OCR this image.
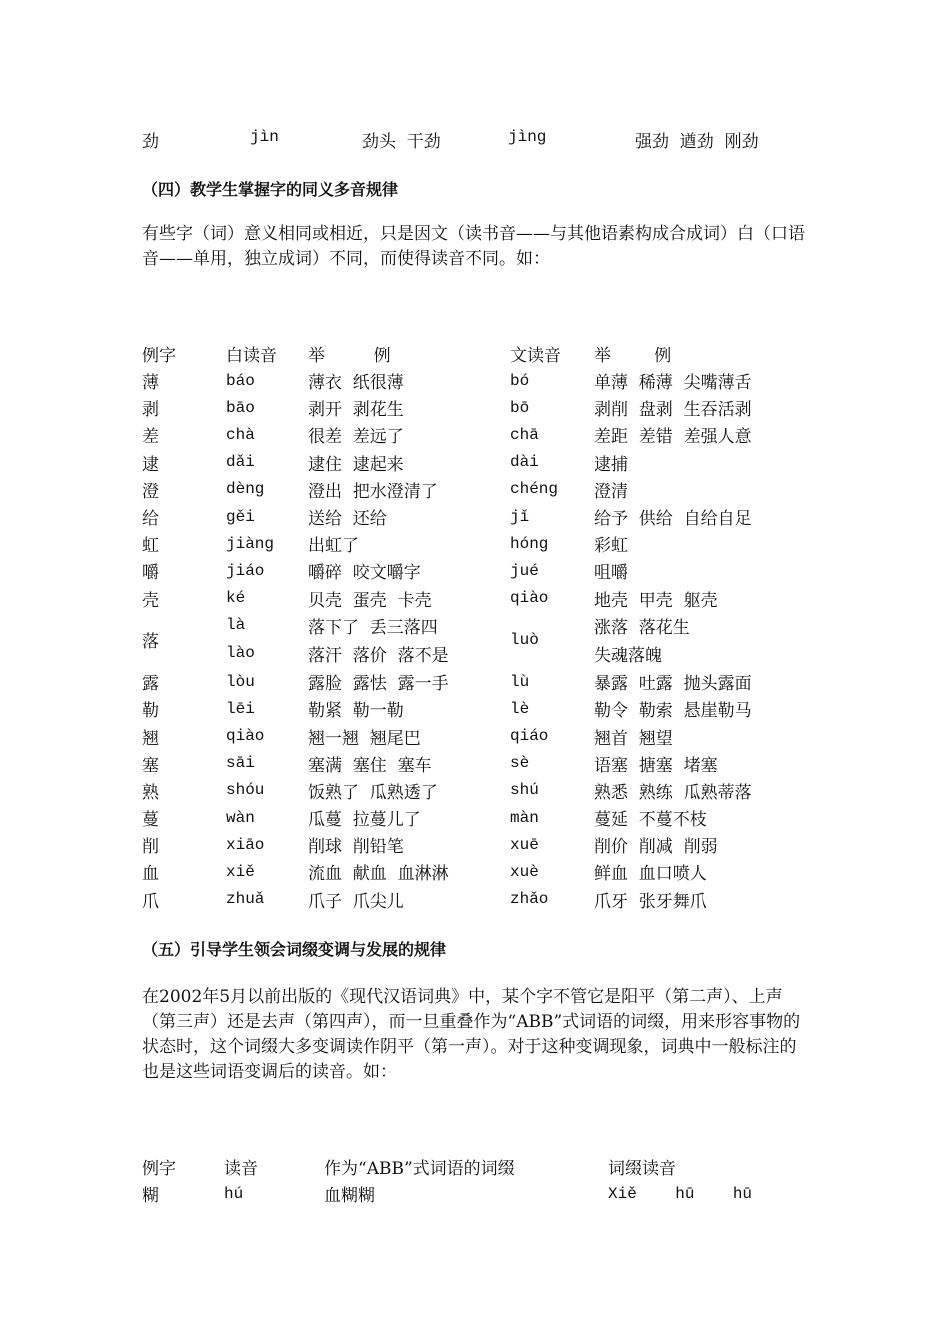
劲	jìn	劲头  干劲	jìng	强劲  遒劲  刚劲
（四）教学生掌握字的同义多音规律
有些字（词）意义相同或相近，只是因文（读书音——与其他语素构成合成词）白（口语音——单用，独立成词）不同，而使得读音不同。如：
例字	白读音	举         例	文读音	举        例
薄	báo	薄衣  纸很薄	bó	单薄  稀薄  尖嘴薄舌
剥	bāo	剥开  剥花生	bō	剥削  盘剥  生吞活剥
差	chà	很差  差远了	chā	差距  差错  差强人意
逮	dǎi	逮住  逮起来	dài	逮捕
澄	dèng	澄出  把水澄清了	chéng	澄清
给	gěi	送给  还给	jǐ	给予  供给  自给自足
虹	jiàng	出虹了	hóng	彩虹
嚼	jiáo	嚼碎  咬文嚼字	jué	咀嚼
壳	ké	贝壳  蛋壳  卡壳	qiào	地壳  甲壳  躯壳
落	là	落下了  丢三落四	luò	涨落  落花生
	lào	落汗  落价  落不是		失魂落魄
露	lòu	露脸  露怯  露一手	lù	暴露  吐露  抛头露面
勒	lēi	勒紧  勒一勒	lè	勒令  勒索  悬崖勒马
翘	qiào	翘一翘  翘尾巴	qiáo	翘首  翘望
塞	sāi	塞满  塞住  塞车	sè	语塞  搪塞  堵塞
熟	shóu	饭熟了  瓜熟透了	shú	熟悉  熟练  瓜熟蒂落
蔓	wàn	瓜蔓  拉蔓儿了	màn	蔓延  不蔓不枝
削	xiāo	削球  削铅笔	xuē	削价  削减  削弱
血	xiě	流血  献血  血淋淋	xuè	鲜血  血口喷人
爪	zhuǎ	爪子  爪尖儿	zhǎo	爪牙  张牙舞爪
（五）引导学生领会词缀变调与发展的规律
在2002年5月以前出版的《现代汉语词典》中，某个字不管它是阳平（第二声）、上声（第三声）还是去声（第四声），而一旦重叠作为“ABB”式词语的词缀，用来形容事物的状态时，这个词缀大多变调读作阴平（第一声）。对于这种变调现象，词典中一般标注的也是这些词语变调后的读音。如：
例字	读音	作为“ABB”式词语的词缀	词缀读音
糊	hú	血糊糊	Xiě    hū    hū
